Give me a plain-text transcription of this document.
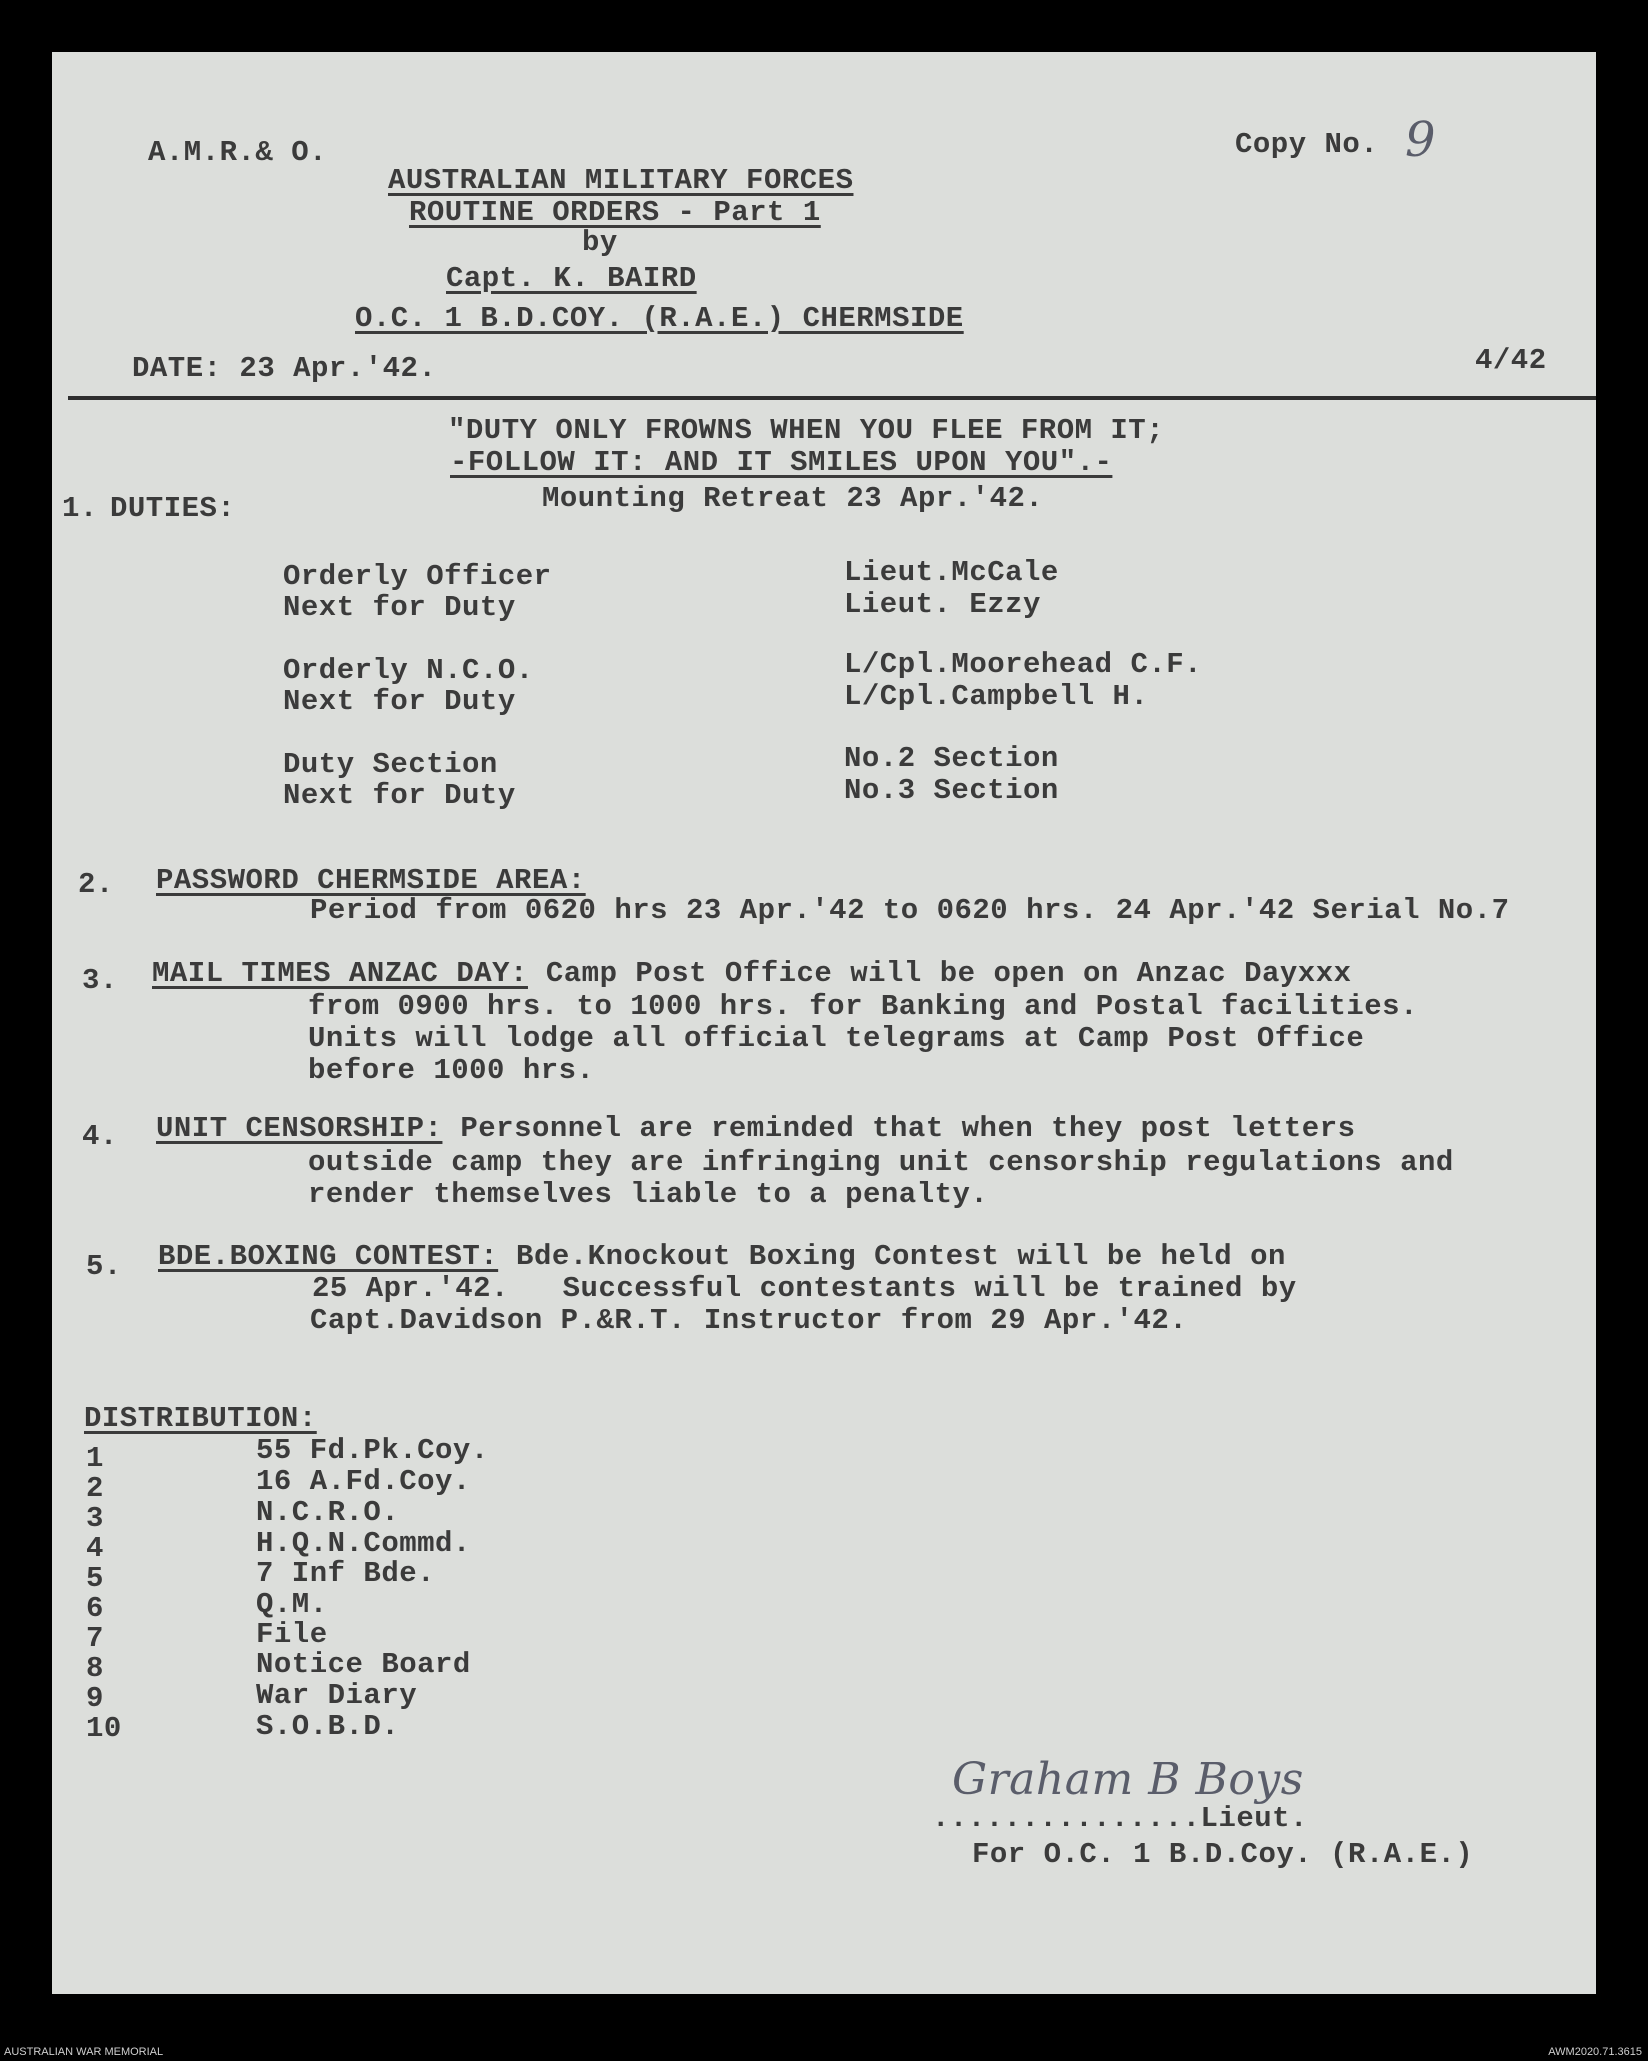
A.M.R.& O.	Copy No. 9
AUSTRALIAN MILITARY FORCES
ROUTINE ORDERS - Part 1
by
Capt. K. BAIRD
O.C. 1 B.D.COY. (R.A.E.) CHERMSIDE
DATE: 23 Apr.'42.	4/42
"DUTY ONLY FROWNS WHEN YOU FLEE FROM IT;
-FOLLOW IT: AND IT SMILES UPON YOU".-
1. DUTIES:	Mounting Retreat 23 Apr.'42.
Orderly Officer	Lieut.McCale
Next for Duty	Lieut. Ezzy
Orderly N.C.O.	L/Cpl.Moorehead C.F.
Next for Duty	L/Cpl.Campbell H.
Duty Section	No.2 Section
Next for Duty	No.3 Section
2. PASSWORD CHERMSIDE AREA:
Period from 0620 hrs 23 Apr.'42 to 0620 hrs. 24 Apr.'42 Serial No.7
3. MAIL TIMES ANZAC DAY: Camp Post Office will be open on Anzac Dayxxx
from 0900 hrs. to 1000 hrs. for Banking and Postal facilities.
Units will lodge all official telegrams at Camp Post Office
before 1000 hrs.
4. UNIT CENSORSHIP: Personnel are reminded that when they post letters
outside camp they are infringing unit censorship regulations and
render themselves liable to a penalty.
5. BDE.BOXING CONTEST: Bde.Knockout Boxing Contest will be held on
25 Apr.'42.   Successful contestants will be trained by
Capt.Davidson P.&R.T. Instructor from 29 Apr.'42.
DISTRIBUTION:
1	55 Fd.Pk.Coy.
2	16 A.Fd.Coy.
3	N.C.R.O.
4	H.Q.N.Commd.
5	7 Inf Bde.
6	Q.M.
7	File
8	Notice Board
9	War Diary
10	S.O.B.D.
Graham B Boys
...............Lieut.
For O.C. 1 B.D.Coy. (R.A.E.)
AUSTRALIAN WAR MEMORIAL	AWM2020.71.3615
